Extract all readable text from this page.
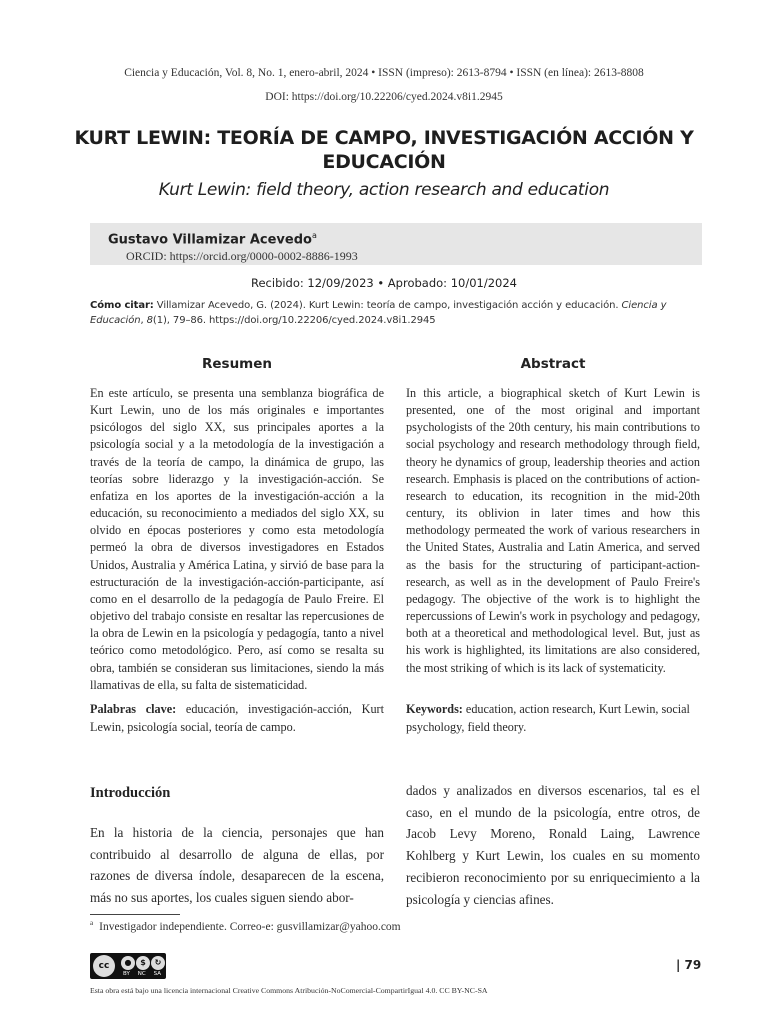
Ciencia y Educación, Vol. 8, No. 1, enero-abril, 2024 • ISSN (impreso): 2613-8794 • ISSN (en línea): 2613-8808
DOI: https://doi.org/10.22206/cyed.2024.v8i1.2945
KURT LEWIN: TEORÍA DE CAMPO, INVESTIGACIÓN ACCIÓN Y EDUCACIÓN
Kurt Lewin: field theory, action research and education
Gustavo Villamizar Acevedo$^a$
ORCID: https://orcid.org/0000-0002-8886-1993
Recibido: 12/09/2023 • Aprobado: 10/01/2024
Cómo citar: Villamizar Acevedo, G. (2024). Kurt Lewin: teoría de campo, investigación acción y educación. Ciencia y Educación, 8(1), 79–86. https://doi.org/10.22206/cyed.2024.v8i1.2945
Resumen	Abstract

En este artículo, se presenta una semblanza biográfica de Kurt Lewin, uno de los más originales e importantes psicólogos del siglo XX, sus principales aportes a la psicología social y a la metodología de la investigación a través de la teoría de campo, la dinámica de grupo, las teorías sobre liderazgo y la investigación-acción. Se enfatiza en los aportes de la investigación-acción a la educación, su reconocimiento a mediados del siglo XX, su olvido en épocas posteriores y como esta metodología permeó la obra de diversos investigadores en Estados Unidos, Australia y América Latina, y sirvió de base para la estructuración de la investigación-acción-participante, así como en el desarrollo de la pedagogía de Paulo Freire. El objetivo del trabajo consiste en resaltar las repercusiones de la obra de Lewin en la psicología y pedagogía, tanto a nivel teórico como metodológico. Pero, así como se resalta su obra, también se consideran sus limitaciones, siendo la más llamativas de ella, su falta de sistematicidad.

In this article, a biographical sketch of Kurt Lewin is presented, one of the most original and important psychologists of the 20th century, his main contributions to social psychology and research methodology through field, theory he dynamics of group, leadership theories and action research. Emphasis is placed on the contributions of action-research to education, its recognition in the mid-20th century, its oblivion in later times and how this methodology permeated the work of various researchers in the United States, Australia and Latin America, and served as the basis for the structuring of participant-action-research, as well as in the development of Paulo Freire's pedagogy. The objective of the work is to highlight the repercussions of Lewin's work in psychology and pedagogy, both at a theoretical and methodological level. But, just as his work is highlighted, its limitations are also considered, the most striking of which is its lack of systematicity.

Palabras clave: educación, investigación-acción, Kurt Lewin, psicología social, teoría de campo.

Keywords: education, action research, Kurt Lewin, social psychology, field theory.

Introducción

En la historia de la ciencia, personajes que han contribuido al desarrollo de alguna de ellas, por razones de diversa índole, desaparecen de la escena, más no sus aportes, los cuales siguen siendo abor-

dados y analizados en diversos escenarios, tal es el caso, en el mundo de la psicología, entre otros, de Jacob Levy Moreno, Ronald Laing, Lawrence Kohlberg y Kurt Lewin, los cuales en su momento recibieron reconocimiento por su enriquecimiento a la psicología y ciencias afines.

$^a$ Investigador independiente. Correo-e: gusvillamizar@yahoo.com
cc	●	$	↻
BY NC SA
| 79
Esta obra está bajo una licencia internacional Creative Commons Atribución-NoComercial-CompartirIgual 4.0. CC BY-NC-SA
